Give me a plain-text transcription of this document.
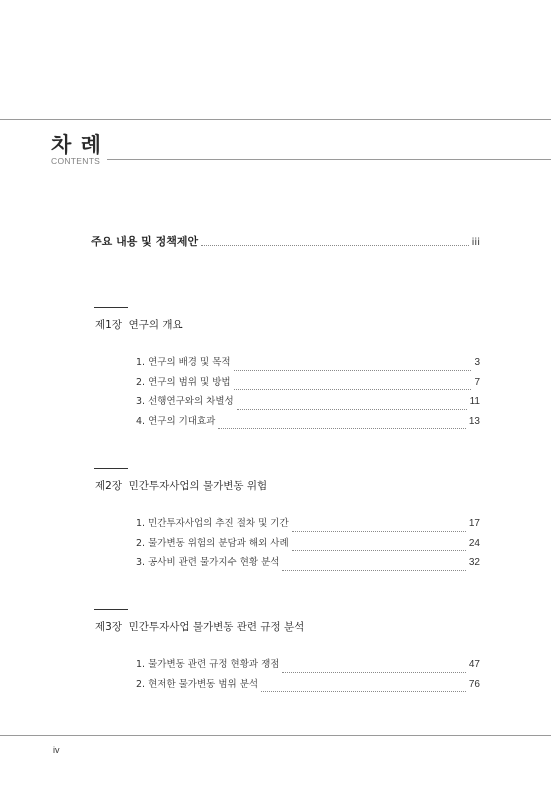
차 례
CONTENTS
주요 내용 및 정책제안	iii
제1장  연구의 개요
1. 연구의 배경 및 목적	3
2. 연구의 범위 및 방법	7
3. 선행연구와의 차별성	11
4. 연구의 기대효과	13
제2장  민간투자사업의 물가변동 위험
1. 민간투자사업의 추진 절차 및 기간	17
2. 물가변동 위험의 분담과 해외 사례	24
3. 공사비 관련 물가지수 현황 분석	32
제3장  민간투자사업 물가변동 관련 규정 분석
1. 물가변동 관련 규정 현황과 쟁점	47
2. 현저한 물가변동 범위 분석	76
iv
